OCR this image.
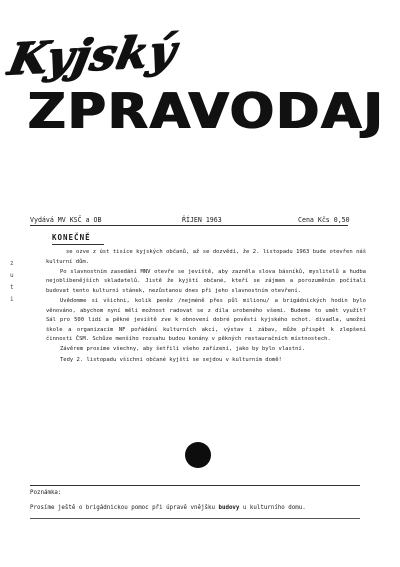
Kyjský
ZPRAVODAJ
Vydává MV KSČ a OB	ŘÍJEN 1963	Cena Kčs 0,50
KONEČNĚ
z
u
t
i

se ozve z úst tisíce kyjských občanů, až se dozvědí, že 2. listopadu 1963 bude otevřen náš kulturní dům.

Po slavnostním zasedání MNV otevře se jeviště, aby zazněla slova básníků, myslitelů a hudba nejoblíbenějších skladatelů. Jistě že kyjští občané, kteří se zájmem a porozuměním počítali budovat tento kulturní stánek, nezůstanou dnes při jeho slavnostním otevření.

Uvědomme si všichni, kolik peněz /nejméně přes půl milionu/ a brigádnických hodin bylo věnováno, abychom nyní měli možnost radovat se z díla urobeného všemi. Budeme to umět využít? Sál pro 500 lidí a pěkné jeviště zve k obnovení dobré pověsti kyjského ochot. divadla, umožní škole a organizacím NF pořádání kulturních akcí, výstav i zábav, může přispět k zlepšení činnosti ČSM. Schůze menšího rozsahu budou konány v pěkných restauračních místnostech.

Závěrem prosíme všechny, aby šetřili všeho zařízení, jako by bylo vlastní.

Tedy 2. listopadu všichni občané kyjští se sejdou v kulturním domě!

Poznámka:
Prosíme ještě o brigádnickou pomoc při úpravě vnějšku budovy u kulturního domu.
